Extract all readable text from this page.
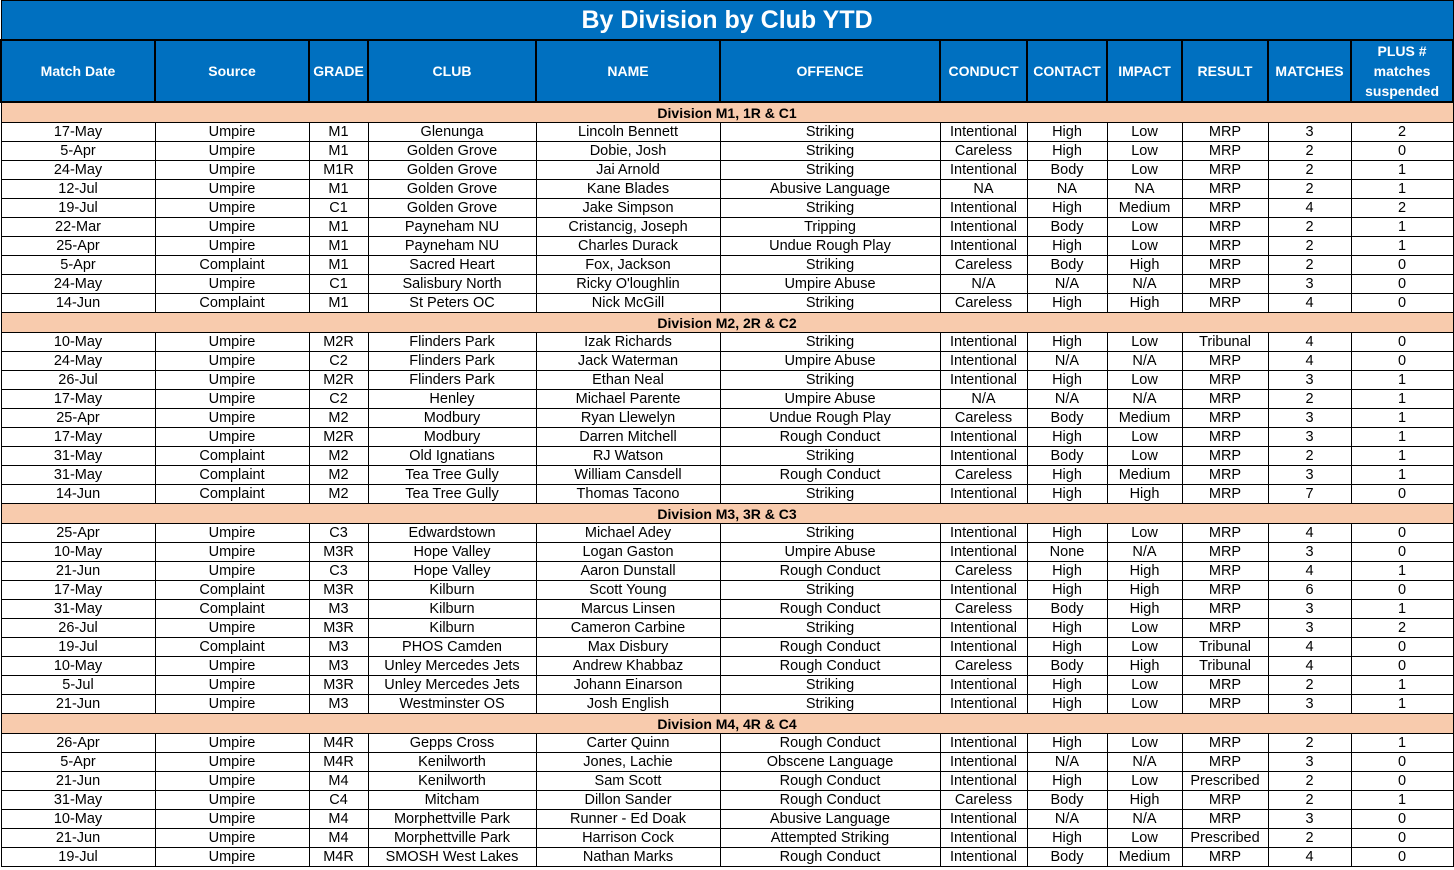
By Division by Club YTD											
Match Date	Source	GRADE	CLUB	NAME	OFFENCE	CONDUCT	CONTACT	IMPACT	RESULT	MATCHES	PLUS # matches suspended
Division M1, 1R & C1											
17-May	Umpire	M1	Glenunga	Lincoln Bennett	Striking	Intentional	High	Low	MRP	3	2
5-Apr	Umpire	M1	Golden Grove	Dobie, Josh	Striking	Careless	High	Low	MRP	2	0
24-May	Umpire	M1R	Golden Grove	Jai Arnold	Striking	Intentional	Body	Low	MRP	2	1
12-Jul	Umpire	M1	Golden Grove	Kane Blades	Abusive Language	NA	NA	NA	MRP	2	1
19-Jul	Umpire	C1	Golden Grove	Jake Simpson	Striking	Intentional	High	Medium	MRP	4	2
22-Mar	Umpire	M1	Payneham NU	Cristancig, Joseph	Tripping	Intentional	Body	Low	MRP	2	1
25-Apr	Umpire	M1	Payneham NU	Charles Durack	Undue Rough Play	Intentional	High	Low	MRP	2	1
5-Apr	Complaint	M1	Sacred Heart	Fox, Jackson	Striking	Careless	Body	High	MRP	2	0
24-May	Umpire	C1	Salisbury North	Ricky O'loughlin	Umpire Abuse	N/A	N/A	N/A	MRP	3	0
14-Jun	Complaint	M1	St Peters OC	Nick McGill	Striking	Careless	High	High	MRP	4	0
Division M2, 2R & C2											
10-May	Umpire	M2R	Flinders Park	Izak Richards	Striking	Intentional	High	Low	Tribunal	4	0
24-May	Umpire	C2	Flinders Park	Jack Waterman	Umpire Abuse	Intentional	N/A	N/A	MRP	4	0
26-Jul	Umpire	M2R	Flinders Park	Ethan Neal	Striking	Intentional	High	Low	MRP	3	1
17-May	Umpire	C2	Henley	Michael Parente	Umpire Abuse	N/A	N/A	N/A	MRP	2	1
25-Apr	Umpire	M2	Modbury	Ryan Llewelyn	Undue Rough Play	Careless	Body	Medium	MRP	3	1
17-May	Umpire	M2R	Modbury	Darren Mitchell	Rough Conduct	Intentional	High	Low	MRP	3	1
31-May	Complaint	M2	Old Ignatians	RJ Watson	Striking	Intentional	Body	Low	MRP	2	1
31-May	Complaint	M2	Tea Tree Gully	William Cansdell	Rough Conduct	Careless	High	Medium	MRP	3	1
14-Jun	Complaint	M2	Tea Tree Gully	Thomas Tacono	Striking	Intentional	High	High	MRP	7	0
Division M3, 3R & C3											
25-Apr	Umpire	C3	Edwardstown	Michael Adey	Striking	Intentional	High	Low	MRP	4	0
10-May	Umpire	M3R	Hope Valley	Logan Gaston	Umpire Abuse	Intentional	None	N/A	MRP	3	0
21-Jun	Umpire	C3	Hope Valley	Aaron Dunstall	Rough Conduct	Careless	High	High	MRP	4	1
17-May	Complaint	M3R	Kilburn	Scott Young	Striking	Intentional	High	High	MRP	6	0
31-May	Complaint	M3	Kilburn	Marcus Linsen	Rough Conduct	Careless	Body	High	MRP	3	1
26-Jul	Umpire	M3R	Kilburn	Cameron Carbine	Striking	Intentional	High	Low	MRP	3	2
19-Jul	Complaint	M3	PHOS Camden	Max Disbury	Rough Conduct	Intentional	High	Low	Tribunal	4	0
10-May	Umpire	M3	Unley Mercedes Jets	Andrew Khabbaz	Rough Conduct	Careless	Body	High	Tribunal	4	0
5-Jul	Umpire	M3R	Unley Mercedes Jets	Johann Einarson	Striking	Intentional	High	Low	MRP	2	1
21-Jun	Umpire	M3	Westminster OS	Josh English	Striking	Intentional	High	Low	MRP	3	1
Division M4, 4R & C4											
26-Apr	Umpire	M4R	Gepps Cross	Carter Quinn	Rough Conduct	Intentional	High	Low	MRP	2	1
5-Apr	Umpire	M4R	Kenilworth	Jones, Lachie	Obscene Language	Intentional	N/A	N/A	MRP	3	0
21-Jun	Umpire	M4	Kenilworth	Sam Scott	Rough Conduct	Intentional	High	Low	Prescribed	2	0
31-May	Umpire	C4	Mitcham	Dillon Sander	Rough Conduct	Careless	Body	High	MRP	2	1
10-May	Umpire	M4	Morphettville Park	Runner - Ed Doak	Abusive Language	Intentional	N/A	N/A	MRP	3	0
21-Jun	Umpire	M4	Morphettville Park	Harrison Cock	Attempted Striking	Intentional	High	Low	Prescribed	2	0
19-Jul	Umpire	M4R	SMOSH West Lakes	Nathan Marks	Rough Conduct	Intentional	Body	Medium	MRP	4	0
